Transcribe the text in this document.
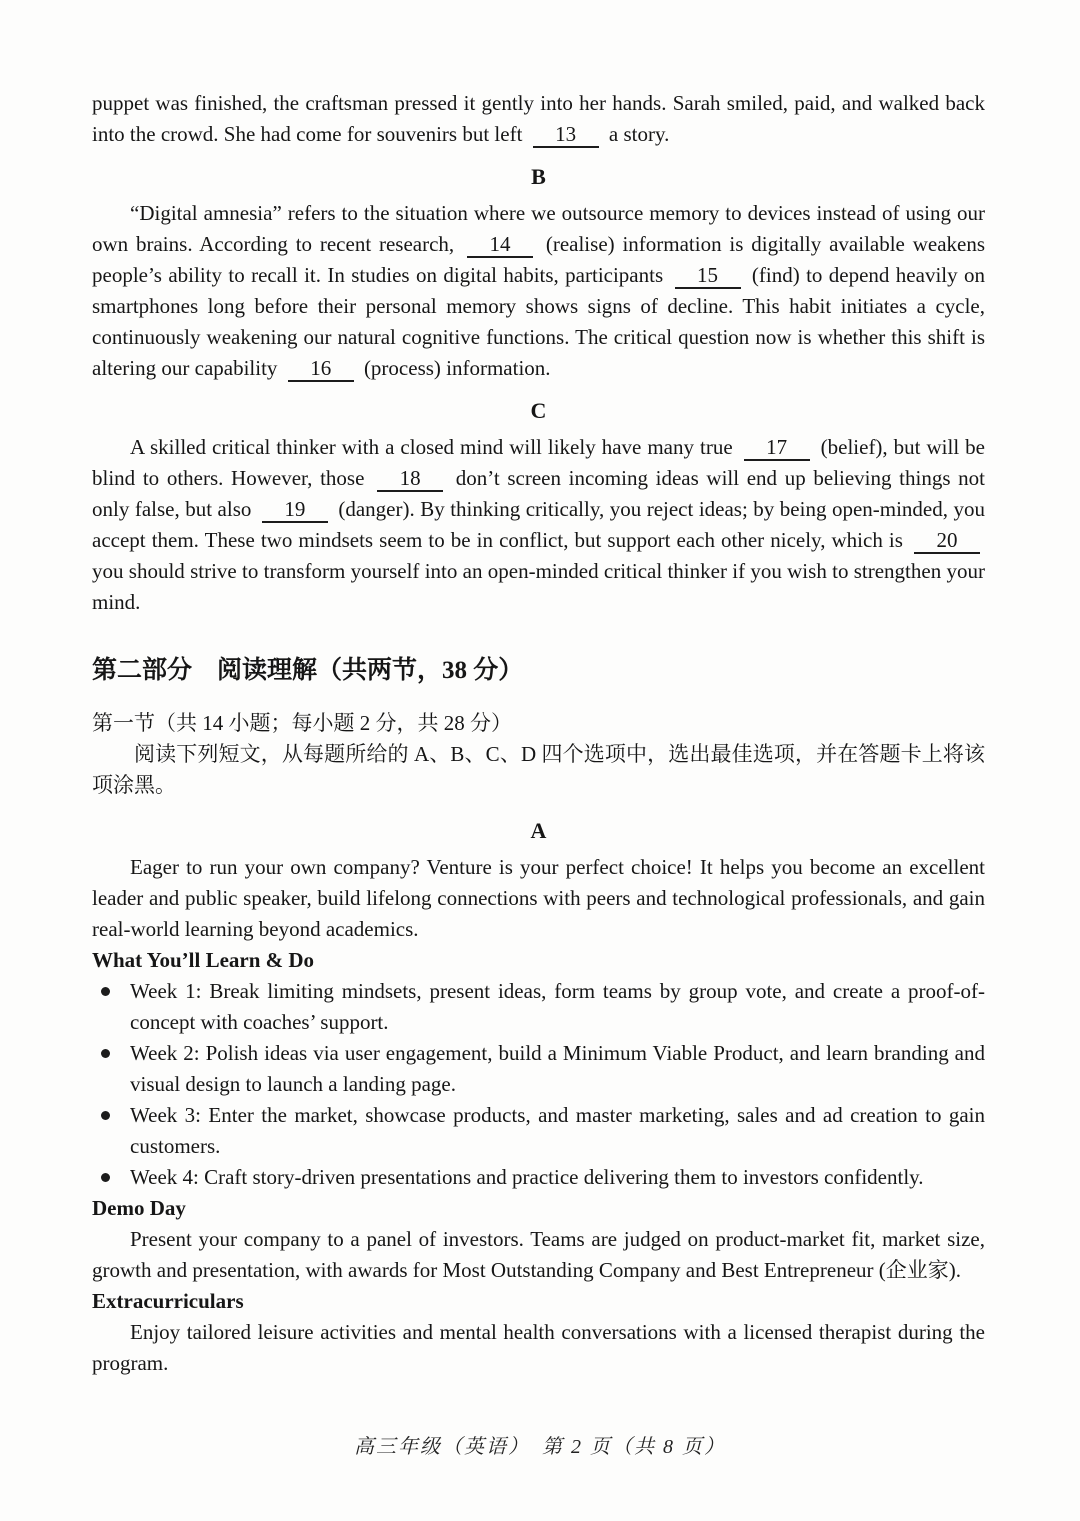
puppet was finished, the craftsman pressed it gently into her hands. Sarah smiled, paid, and walked back into the crowd. She had come for souvenirs but left 13 a story.

B

“Digital amnesia” refers to the situation where we outsource memory to devices instead of using our own brains. According to recent research, 14 (realise) information is digitally available weakens people’s ability to recall it. In studies on digital habits, participants 15 (find) to depend heavily on smartphones long before their personal memory shows signs of decline. This habit initiates a cycle, continuously weakening our natural cognitive functions. The critical question now is whether this shift is altering our capability 16 (process) information.

C

A skilled critical thinker with a closed mind will likely have many true 17 (belief), but will be blind to others. However, those 18 don’t screen incoming ideas will end up believing things not only false, but also 19 (danger). By thinking critically, you reject ideas; by being open-minded, you accept them. These two mindsets seem to be in conflict, but support each other nicely, which is 20 you should strive to transform yourself into an open-minded critical thinker if you wish to strengthen your mind.

第二部分　阅读理解（共两节，38 分）
第一节（共 14 小题；每小题 2 分，共 28 分）

阅读下列短文，从每题所给的 A、B、C、D 四个选项中，选出最佳选项，并在答题卡上将该项涂黑。

A

Eager to run your own company? Venture is your perfect choice! It helps you become an excellent leader and public speaker, build lifelong connections with peers and technological professionals, and gain real-world learning beyond academics.

What You’ll Learn & Do
Week 1: Break limiting mindsets, present ideas, form teams by group vote, and create a proof-of-concept with coaches’ support.
Week 2: Polish ideas via user engagement, build a Minimum Viable Product, and learn branding and visual design to launch a landing page.
Week 3: Enter the market, showcase products, and master marketing, sales and ad creation to gain customers.
Week 4: Craft story-driven presentations and practice delivering them to investors confidently.
Demo Day

Present your company to a panel of investors. Teams are judged on product-market fit, market size, growth and presentation, with awards for Most Outstanding Company and Best Entrepreneur (企业家).

Extracurriculars

Enjoy tailored leisure activities and mental health conversations with a licensed therapist during the program.

高三年级（英语）　第 2 页（共 8 页）
